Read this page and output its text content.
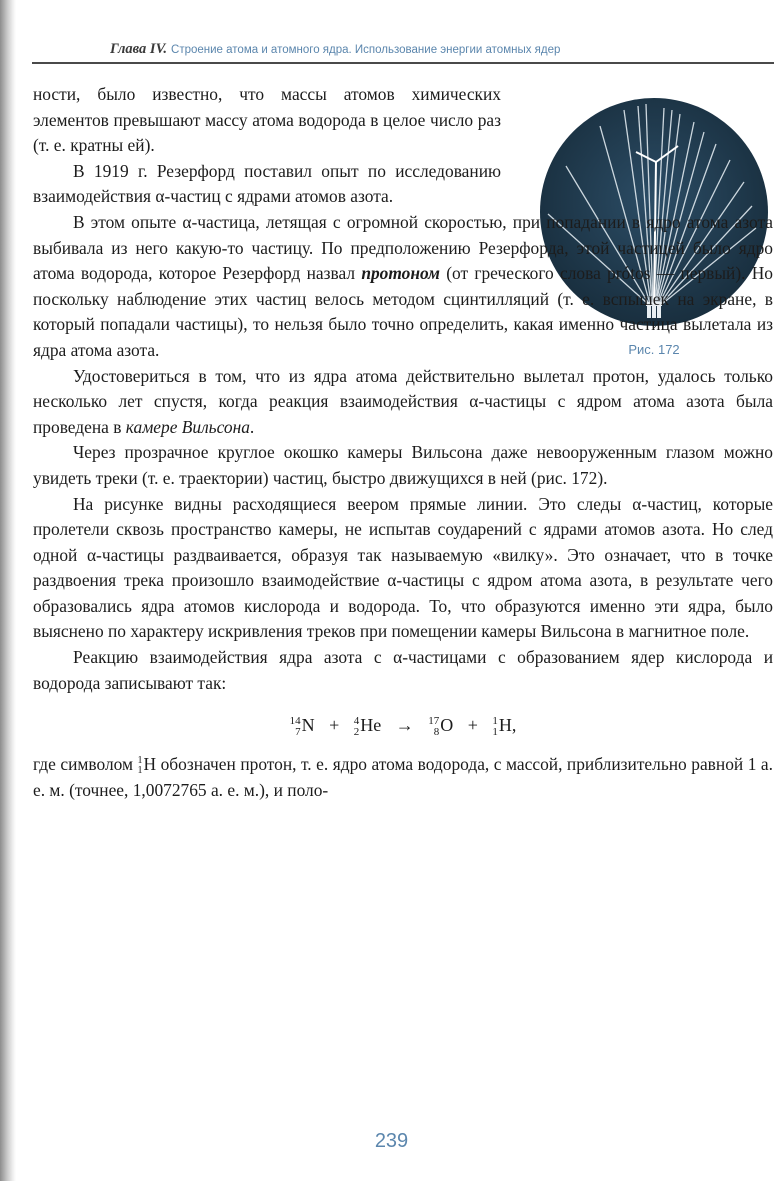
Глава IV. Строение атома и атомного ядра. Использование энергии атомных ядер
Рис. 172

ности, было известно, что массы атомов химических элементов превышают массу атома водорода в целое число раз (т. е. кратны ей).

В 1919 г. Резерфорд поставил опыт по исследованию взаимодействия α-частиц с ядрами атомов азота.

В этом опыте α-частица, летящая с огромной скоростью, при попадании в ядро атома азота выбивала из него какую-то частицу. По предположению Резерфорда, этой частицей было ядро атома водорода, которое Резерфорд назвал протоном (от греческого слова prótos — первый). Но поскольку наблюдение этих частиц велось методом сцинтилляций (т. е. вспышек на экране, в который попадали частицы), то нельзя было точно определить, какая именно частица вылетала из ядра атома азота.

Удостовериться в том, что из ядра атома действительно вылетал протон, удалось только несколько лет спустя, когда реакция взаимодействия α-частицы с ядром атома азота была проведена в камере Вильсона.

Через прозрачное круглое окошко камеры Вильсона даже невооруженным глазом можно увидеть треки (т. е. траектории) частиц, быстро движущихся в ней (рис. 172).

На рисунке видны расходящиеся веером прямые линии. Это следы α-частиц, которые пролетели сквозь пространство камеры, не испытав соударений с ядрами атомов азота. Но след одной α-частицы раздваивается, образуя так называемую «вилку». Это означает, что в точке раздвоения трека произошло взаимодействие α-частицы с ядром атома азота, в результате чего образовались ядра атомов кислорода и водорода. То, что образуются именно эти ядра, было выяснено по характеру искривления треков при помещении камеры Вильсона в магнитное поле.

Реакцию взаимодействия ядра азота с α-частицами с образованием ядер кислорода и водорода записывают так:

14
7 N + 4
2 He → 17
8 O + 1
1 H,

где символом 1
1 H обозначен протон, т. е. ядро атома водорода, с массой, приблизительно равной 1 а. е. м. (точнее, 1,0072765 а. е. м.), и поло-

239
